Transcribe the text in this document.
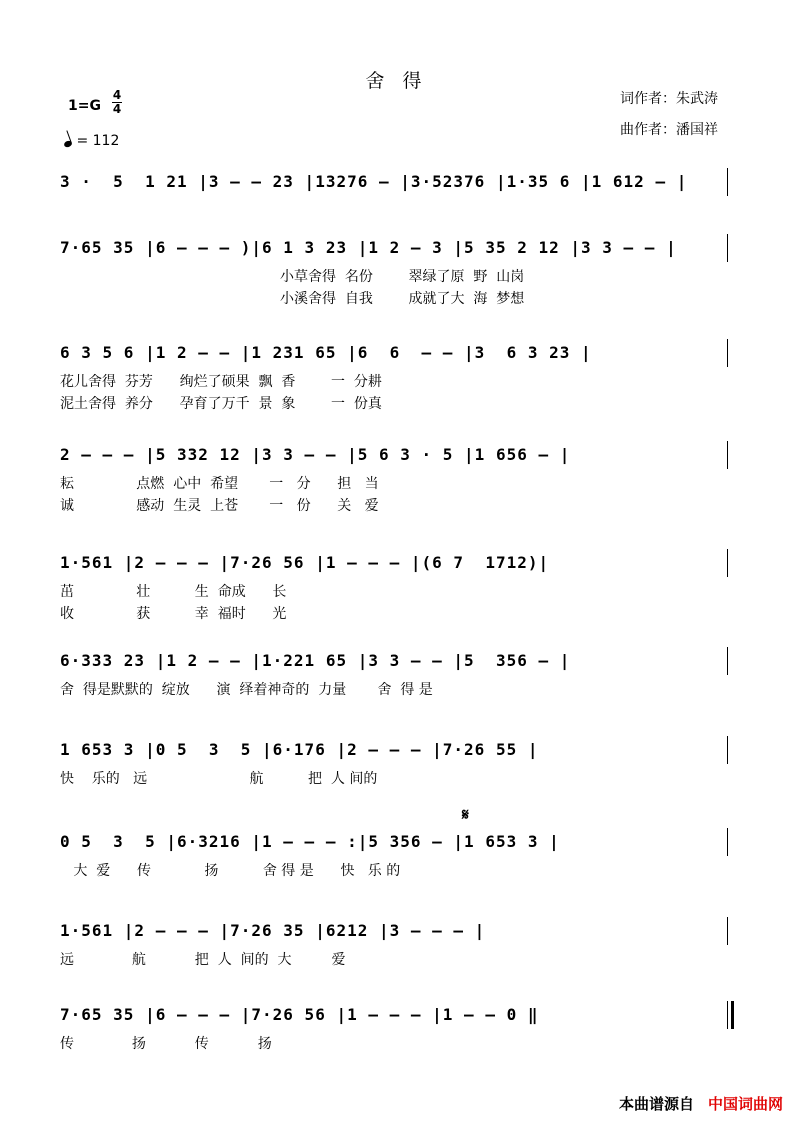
舍 得
词作者：朱武涛
曲作者：潘国祥
1=G
4
4
= 112
3 ·  5  1 21 |3 — — 23 |13276 — |3·52376 |1·35 6 |1 612 — |
7·65 35 |6 — — — )|6 1 3 23 |1 2 — 3 |5 35 2 12 |3 3 — — |
小草舍得  名份        翠绿了原  野  山岗
小溪舍得  自我        成就了大  海  梦想
6 3 5 6 |1 2 — — |1 231 65 |6  6  — — |3  6 3 23 |
花儿舍得  芬芳      绚烂了硕果  飘  香        一  分耕
泥土舍得  养分      孕育了万千  景  象        一  份真
2 — — — |5 332 12 |3 3 — — |5 6 3 · 5 |1 656 — |
耘              点燃  心中  希望       一   分      担   当
诚              感动  生灵  上苍       一   份      关   爱
1·561 |2 — — — |7·26 56 |1 — — — |(6 7  1712)|
茁              壮          生  命成      长
收              获          幸  福时      光
6·333 23 |1 2 — — |1·221 65 |3 3 — — |5  356 — |
舍  得是默默的  绽放      演  绎着神奇的  力量       舍  得 是
1 653 3 |0 5  3  5 |6·176 |2 — — — |7·26 55 |
快    乐的   远                       航          把  人 间的
0 5  3  5 |6·3216 |1 — — — :|5 356 — |1 653 3 |
大  爱      传            扬          舍 得 是      快   乐 的
1·561 |2 — — — |7·26 35 |6212 |3 — — — |
远             航           把  人  间的  大         爱
7·65 35 |6 — — — |7·26 56 |1 — — — |1 — — 0 ‖
传             扬           传           扬
𝄋
本曲谱源自 中国词曲网
